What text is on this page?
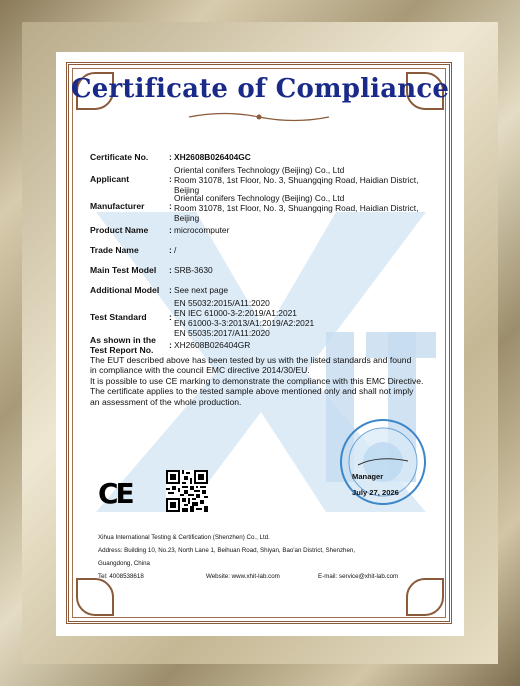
Certificate of Compliance
Certificate No. : XH2608B026404GC
Applicant	:
Oriental conifers Technology (Beijing) Co., Ltd
Room 31078, 1st Floor, No. 3, Shuangqing Road, Haidian District,
Beijing
Manufacturer	:
Oriental conifers Technology (Beijing) Co., Ltd
Room 31078, 1st Floor, No. 3, Shuangqing Road, Haidian District,
Beijing
Product Name : microcomputer
Trade Name	: /
Main Test Model : SRB-3630
Additional Model : See next page
Test Standard	:
EN 55032:2015/A11:2020
EN IEC 61000-3-2:2019/A1:2021
EN 61000-3-3:2013/A1:2019/A2:2021
EN 55035:2017/A11:2020
As shown in the
Test Report No. : XH2608B026404GR
The EUT described above has been tested by us with the listed standards and found
in compliance with the council EMC directive 2014/30/EU.
It is possible to use CE marking to demonstrate the compliance with this EMC Directive.
The certificate applies to the tested sample above mentioned only and shall not imply
an assessment of the whole production.
CE
Manager
July 27, 2026
Xihua International Testing & Certification (Shenzhen) Co., Ltd.
Address: Building 10, No.23, North Lane 1, Beihuan Road, Shiyan, Bao'an District, Shenzhen,
Guangdong, China
Tel: 4008538618	Website: www.xhit-lab.com	E-mail: service@xhit-lab.com
